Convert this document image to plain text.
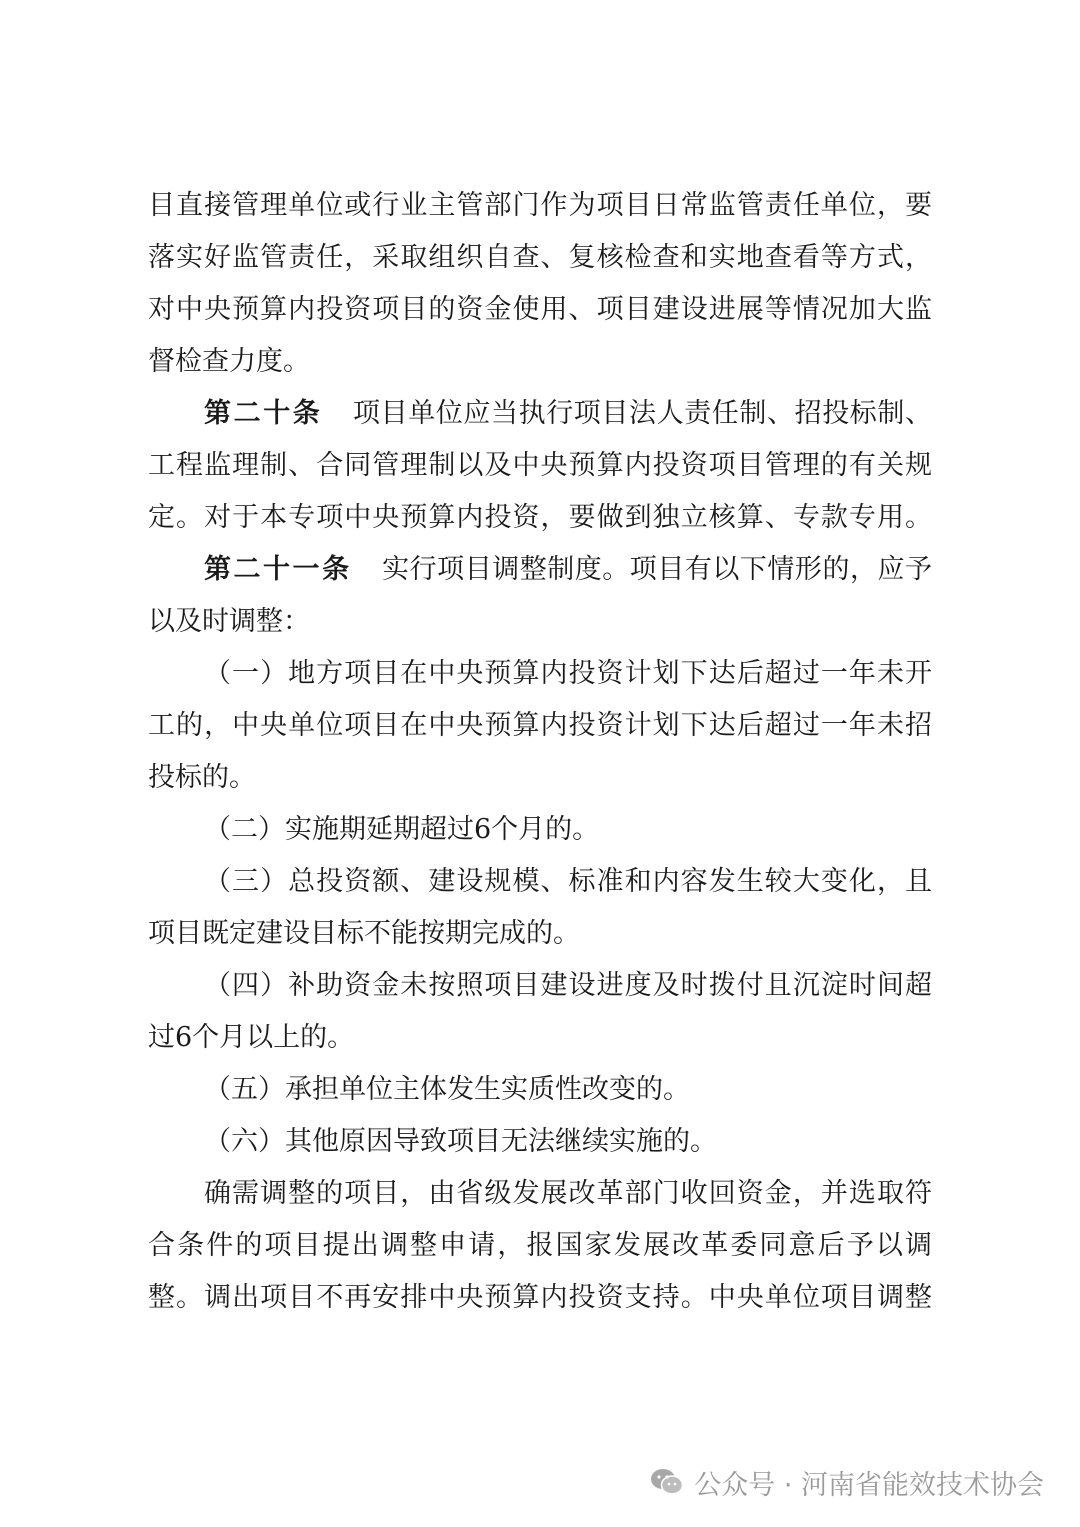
目直接管理单位或行业主管部门作为项目日常监管责任单位，要
落实好监管责任，采取组织自查、复核检查和实地查看等方式，
对中央预算内投资项目的资金使用、项目建设进展等情况加大监
督检查力度。
第二十条 项目单位应当执行项目法人责任制、招投标制、
工程监理制、合同管理制以及中央预算内投资项目管理的有关规
定。对于本专项中央预算内投资，要做到独立核算、专款专用。
第二十一条 实行项目调整制度。项目有以下情形的，应予
以及时调整：
（一）地方项目在中央预算内投资计划下达后超过一年未开
工的，中央单位项目在中央预算内投资计划下达后超过一年未招
投标的。
（二）实施期延期超过6个月的。
（三）总投资额、建设规模、标准和内容发生较大变化，且
项目既定建设目标不能按期完成的。
（四）补助资金未按照项目建设进度及时拨付且沉淀时间超
过6个月以上的。
（五）承担单位主体发生实质性改变的。
（六）其他原因导致项目无法继续实施的。
确需调整的项目，由省级发展改革部门收回资金，并选取符
合条件的项目提出调整申请，报国家发展改革委同意后予以调
整。调出项目不再安排中央预算内投资支持。中央单位项目调整
公众号 · 河南省能效技术协会
